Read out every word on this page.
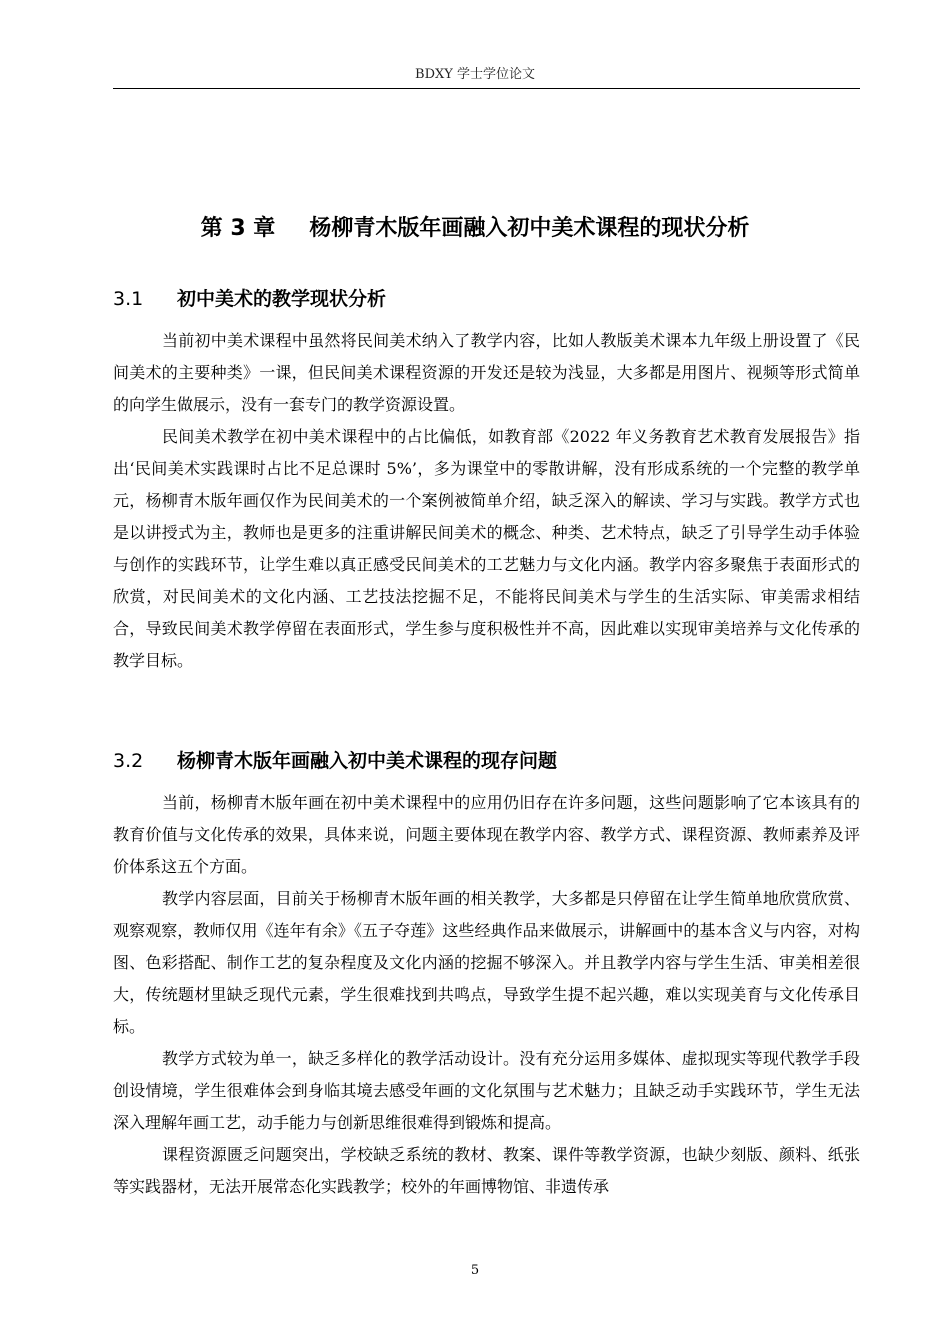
BDXY 学士学位论文
第 3 章 杨柳青木版年画融入初中美术课程的现状分析
3.1 初中美术的教学现状分析

当前初中美术课程中虽然将民间美术纳入了教学内容，比如人教版美术课本九年级上册设置了《民间美术的主要种类》一课，但民间美术课程资源的开发还是较为浅显，大多都是用图片、视频等形式简单的向学生做展示，没有一套专门的教学资源设置。

民间美术教学在初中美术课程中的占比偏低，如教育部《2022 年义务教育艺术教育发展报告》指出‘民间美术实践课时占比不足总课时 5%’，多为课堂中的零散讲解，没有形成系统的一个完整的教学单元，杨柳青木版年画仅作为民间美术的一个案例被简单介绍，缺乏深入的解读、学习与实践。教学方式也是以讲授式为主，教师也是更多的注重讲解民间美术的概念、种类、艺术特点，缺乏了引导学生动手体验与创作的实践环节，让学生难以真正感受民间美术的工艺魅力与文化内涵。教学内容多聚焦于表面形式的欣赏，对民间美术的文化内涵、工艺技法挖掘不足，不能将民间美术与学生的生活实际、审美需求相结合，导致民间美术教学停留在表面形式，学生参与度积极性并不高，因此难以实现审美培养与文化传承的教学目标。

3.2 杨柳青木版年画融入初中美术课程的现存问题

当前，杨柳青木版年画在初中美术课程中的应用仍旧存在许多问题，这些问题影响了它本该具有的教育价值与文化传承的效果，具体来说，问题主要体现在教学内容、教学方式、课程资源、教师素养及评价体系这五个方面。

教学内容层面，目前关于杨柳青木版年画的相关教学，大多都是只停留在让学生简单地欣赏欣赏、观察观察，教师仅用《连年有余》《五子夺莲》这些经典作品来做展示，讲解画中的基本含义与内容，对构图、色彩搭配、制作工艺的复杂程度及文化内涵的挖掘不够深入。并且教学内容与学生生活、审美相差很大，传统题材里缺乏现代元素，学生很难找到共鸣点，导致学生提不起兴趣，难以实现美育与文化传承目标。

教学方式较为单一，缺乏多样化的教学活动设计。没有充分运用多媒体、虚拟现实等现代教学手段创设情境，学生很难体会到身临其境去感受年画的文化氛围与艺术魅力；且缺乏动手实践环节，学生无法深入理解年画工艺，动手能力与创新思维很难得到锻炼和提高。

课程资源匮乏问题突出，学校缺乏系统的教材、教案、课件等教学资源，也缺少刻版、颜料、纸张等实践器材，无法开展常态化实践教学；校外的年画博物馆、非遗传承

5
